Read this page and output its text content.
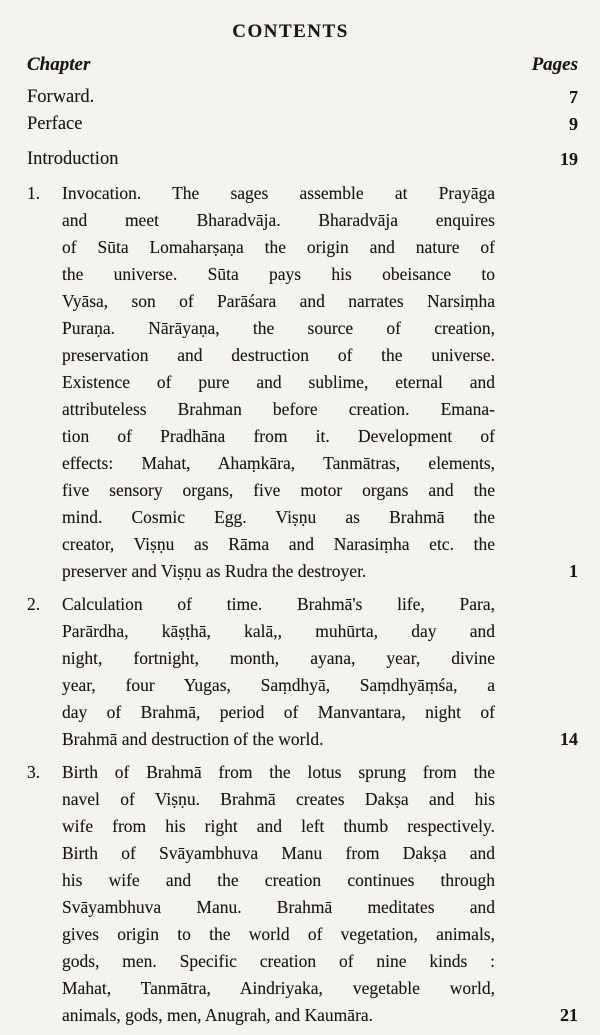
CONTENTS
Chapter	Pages
Forward.	7
Perface	9
Introduction	19
1.	Invocation. The sages assemble at Prayāga
and meet Bharadvāja. Bharadvāja enquires
of Sūta Lomaharṣaṇa the origin and nature of
the universe. Sūta pays his obeisance to
Vyāsa, son of Parāśara and narrates Narsiṃha
Puraṇa. Nārāyaṇa, the source of creation,
preservation and destruction of the universe.
Existence of pure and sublime, eternal and
attributeless Brahman before creation. Emana-
tion of Pradhāna from it. Development of
effects: Mahat, Ahaṃkāra, Tanmātras, elements,
five sensory organs, five motor organs and the
mind. Cosmic Egg. Viṣṇu as Brahmā the
creator, Viṣṇu as Rāma and Narasiṃha etc. the
preserver and Viṣṇu as Rudra the destroyer.	1
2.	Calculation of time. Brahmā's life, Para,
Parārdha, kāṣṭhā, kalā,, muhūrta, day and
night, fortnight, month, ayana, year, divine
year, four Yugas, Saṃdhyā, Saṃdhyāṃśa, a
day of Brahmā, period of Manvantara, night of
Brahmā and destruction of the world.	14
3.	Birth of Brahmā from the lotus sprung from the
navel of Viṣṇu. Brahmā creates Dakṣa and his
wife from his right and left thumb respectively.
Birth of Svāyambhuva Manu from Dakṣa and
his wife and the creation continues through
Svāyambhuva Manu. Brahmā meditates and
gives origin to the world of vegetation, animals,
gods, men. Specific creation of nine kinds :
Mahat, Tanmātra, Aindriyaka, vegetable world,
animals, gods, men, Anugrah, and Kaumāra.	21
